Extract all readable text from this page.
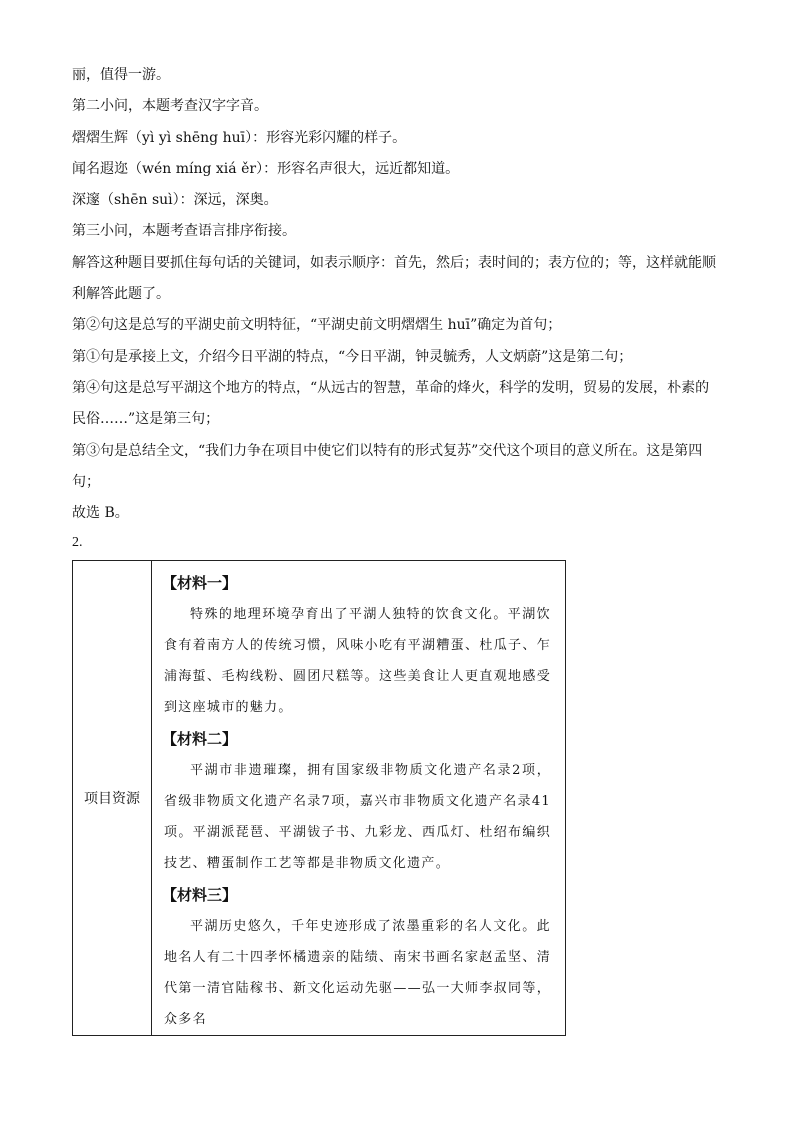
丽，值得一游。
第二小问，本题考查汉字字音。
熠熠生辉（yì yì shēng huī）：形容光彩闪耀的样子。
闻名遐迩（wén míng xiá ěr）：形容名声很大，远近都知道。
深邃（shēn suì）：深远，深奥。
第三小问，本题考查语言排序衔接。
解答这种题目要抓住每句话的关键词，如表示顺序：首先，然后；表时间的；表方位的；等，这样就能顺
利解答此题了。
第②句这是总写的平湖史前文明特征，“平湖史前文明熠熠生 huī”确定为首句；
第①句是承接上文，介绍今日平湖的特点，“今日平湖，钟灵毓秀，人文炳蔚”这是第二句；
第④句这是总写平湖这个地方的特点，“从远古的智慧，革命的烽火，科学的发明，贸易的发展，朴素的
民俗……”这是第三句；
第③句是总结全文，“我们力争在项目中使它们以特有的形式复苏”交代这个项目的意义所在。这是第四
句；
故选 B。
2.
项目资源	
【材料一】
特殊的地理环境孕育出了平湖人独特的饮食文化。平湖饮食有着南方人的传统习惯，风味小吃有平湖糟蛋、杜瓜子、乍浦海蜇、毛构线粉、圆团尺糕等。这些美食让人更直观地感受到这座城市的魅力。
【材料二】
平湖市非遗璀璨，拥有国家级非物质文化遗产名录2项，省级非物质文化遗产名录7项，嘉兴市非物质文化遗产名录41项。平湖派琵琶、平湖钹子书、九彩龙、西瓜灯、杜绍布编织技艺、糟蛋制作工艺等都是非物质文化遗产。
【材料三】
平湖历史悠久，千年史迹形成了浓墨重彩的名人文化。此地名人有二十四孝怀橘遗亲的陆绩、南宋书画名家赵孟坚、清代第一清官陆稼书、新文化运动先驱——弘一大师李叔同等，众多名
